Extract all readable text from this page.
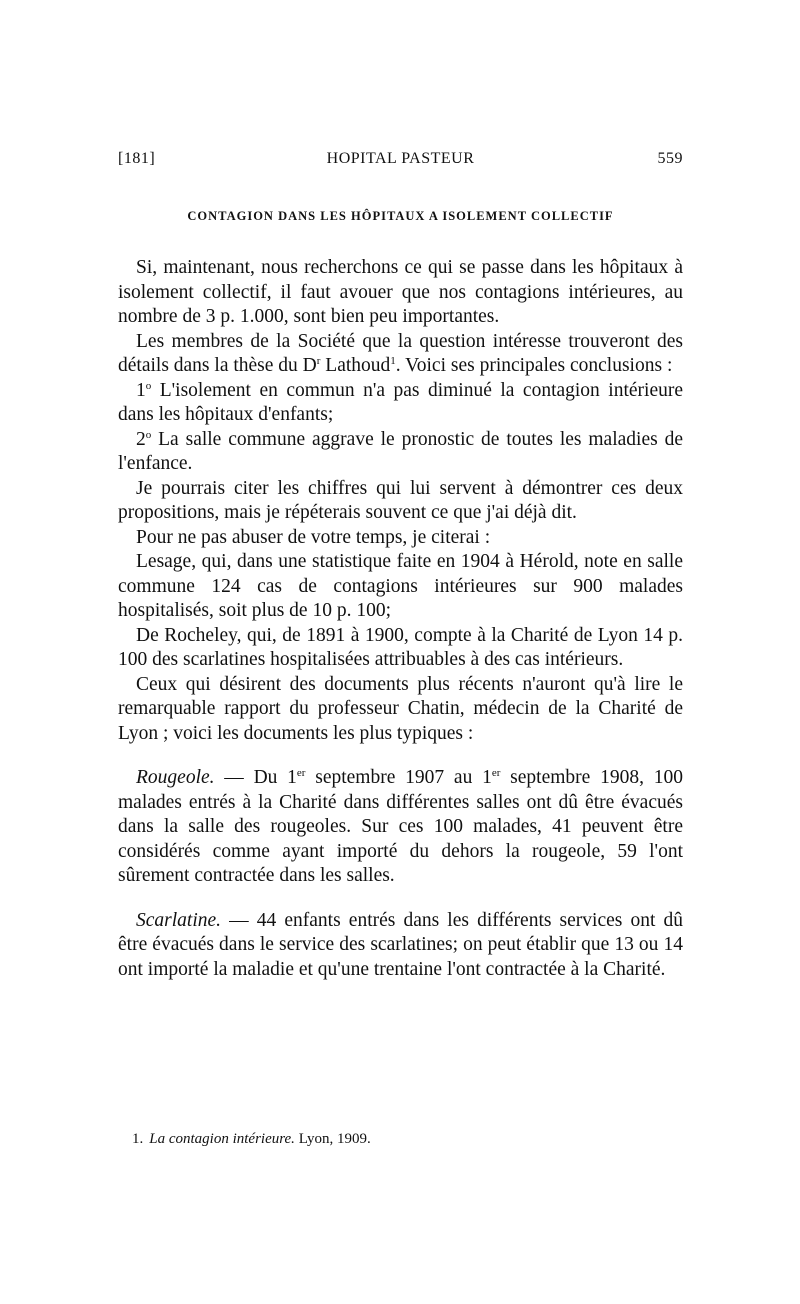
[181]	HOPITAL PASTEUR	559
CONTAGION DANS LES HÔPITAUX A ISOLEMENT COLLECTIF

Si, maintenant, nous recherchons ce qui se passe dans les hôpitaux à isolement collectif, il faut avouer que nos contagions intérieures, au nombre de 3 p. 1.000, sont bien peu importantes.

Les membres de la Société que la question intéresse trouveront des détails dans la thèse du $D^r$ Lathoud$^1$. Voici ses principales conclusions :

1$^o$ L'isolement en commun n'a pas diminué la contagion intérieure dans les hôpitaux d'enfants;

2$^o$ La salle commune aggrave le pronostic de toutes les maladies de l'enfance.

Je pourrais citer les chiffres qui lui servent à démontrer ces deux propositions, mais je répéterais souvent ce que j'ai déjà dit.

Pour ne pas abuser de votre temps, je citerai :

Lesage, qui, dans une statistique faite en 1904 à Hérold, note en salle commune 124 cas de contagions intérieures sur 900 malades hospitalisés, soit plus de 10 p. 100;

De Rocheley, qui, de 1891 à 1900, compte à la Charité de Lyon 14 p. 100 des scarlatines hospitalisées attribuables à des cas intérieurs.

Ceux qui désirent des documents plus récents n'auront qu'à lire le remarquable rapport du professeur Chatin, médecin de la Charité de Lyon ; voici les documents les plus typiques :

Rougeole. — Du 1er septembre 1907 au 1er septembre 1908, 100 malades entrés à la Charité dans différentes salles ont dû être évacués dans la salle des rougeoles. Sur ces 100 malades, 41 peuvent être considérés comme ayant importé du dehors la rougeole, 59 l'ont sûrement contractée dans les salles.

Scarlatine. — 44 enfants entrés dans les différents services ont dû être évacués dans le service des scarlatines; on peut établir que 13 ou 14 ont importé la maladie et qu'une trentaine l'ont contractée à la Charité.

1. La contagion intérieure. Lyon, 1909.
